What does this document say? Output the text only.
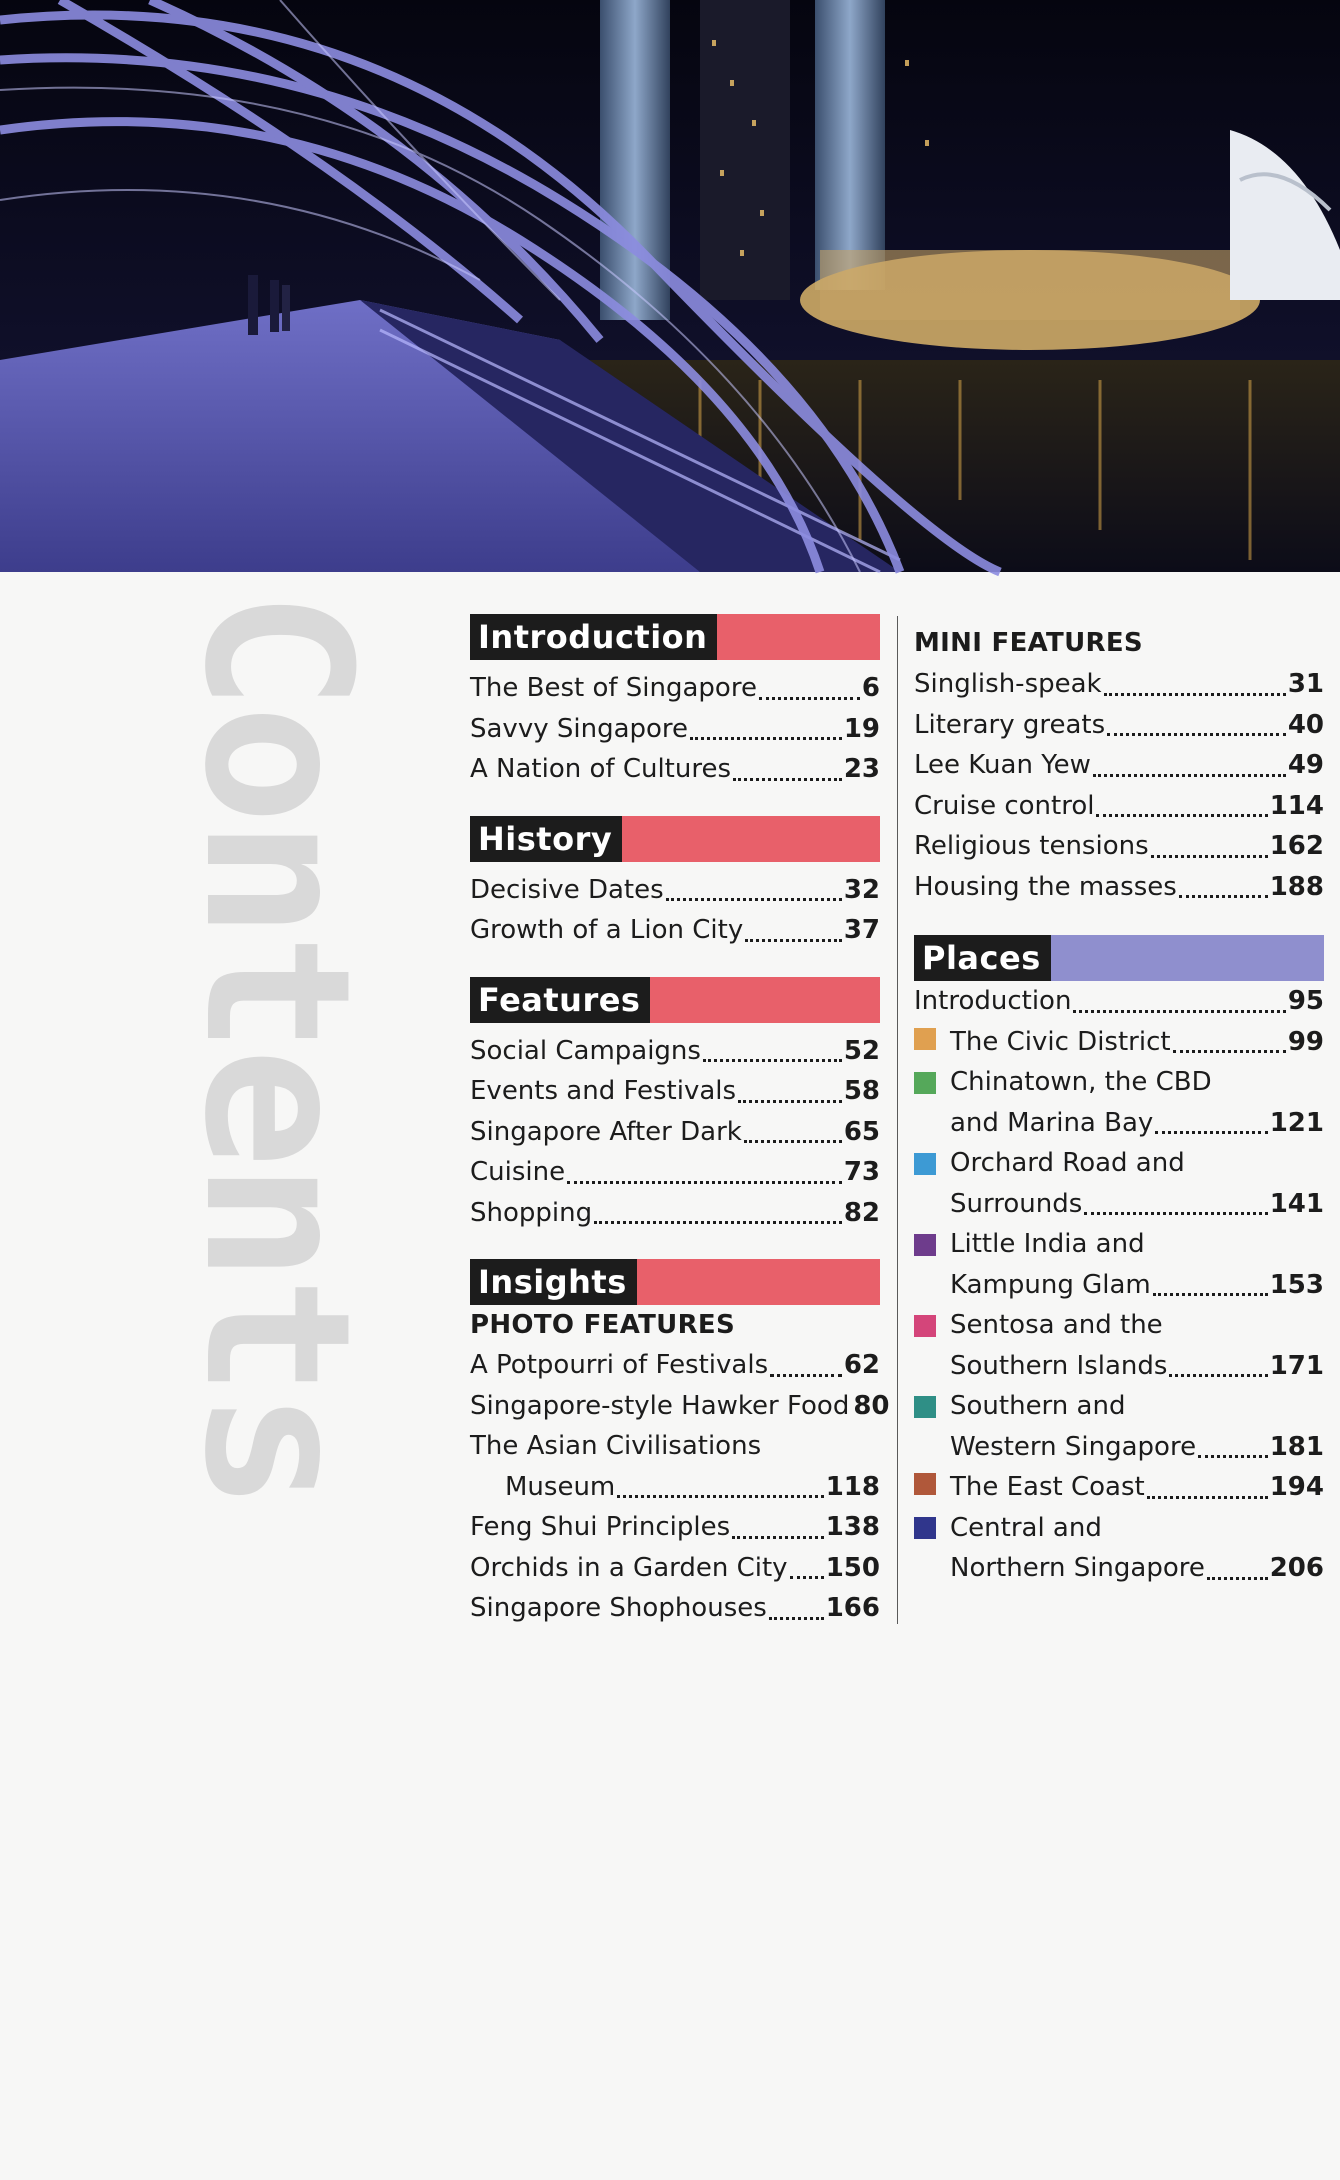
Contents	Introduction
The Best of Singapore	6
Savvy Singapore	19
A Nation of Cultures	23
History
Decisive Dates	32
Growth of a Lion City	37
Features
Social Campaigns	52
Events and Festivals	58
Singapore After Dark	65
Cuisine	73
Shopping	82
Insights
PHOTO FEATURES
A Potpourri of Festivals	62
Singapore-style Hawker Food 80
The Asian Civilisations
Museum	118
Feng Shui Principles	138
Orchids in a Garden City 150
Singapore Shophouses 166
MINI FEATURES
Singlish-speak	31
Literary greats	40
Lee Kuan Yew	49
Cruise control	114
Religious tensions	162
Housing the masses	188
Places
Introduction	95
The Civic District	99
Chinatown, the CBD
and Marina Bay	121
Orchard Road and
Surrounds	141
Little India and
Kampung Glam	153
Sentosa and the
Southern Islands	171
Southern and
Western Singapore	181
The East Coast	194
Central and
Northern Singapore 206
